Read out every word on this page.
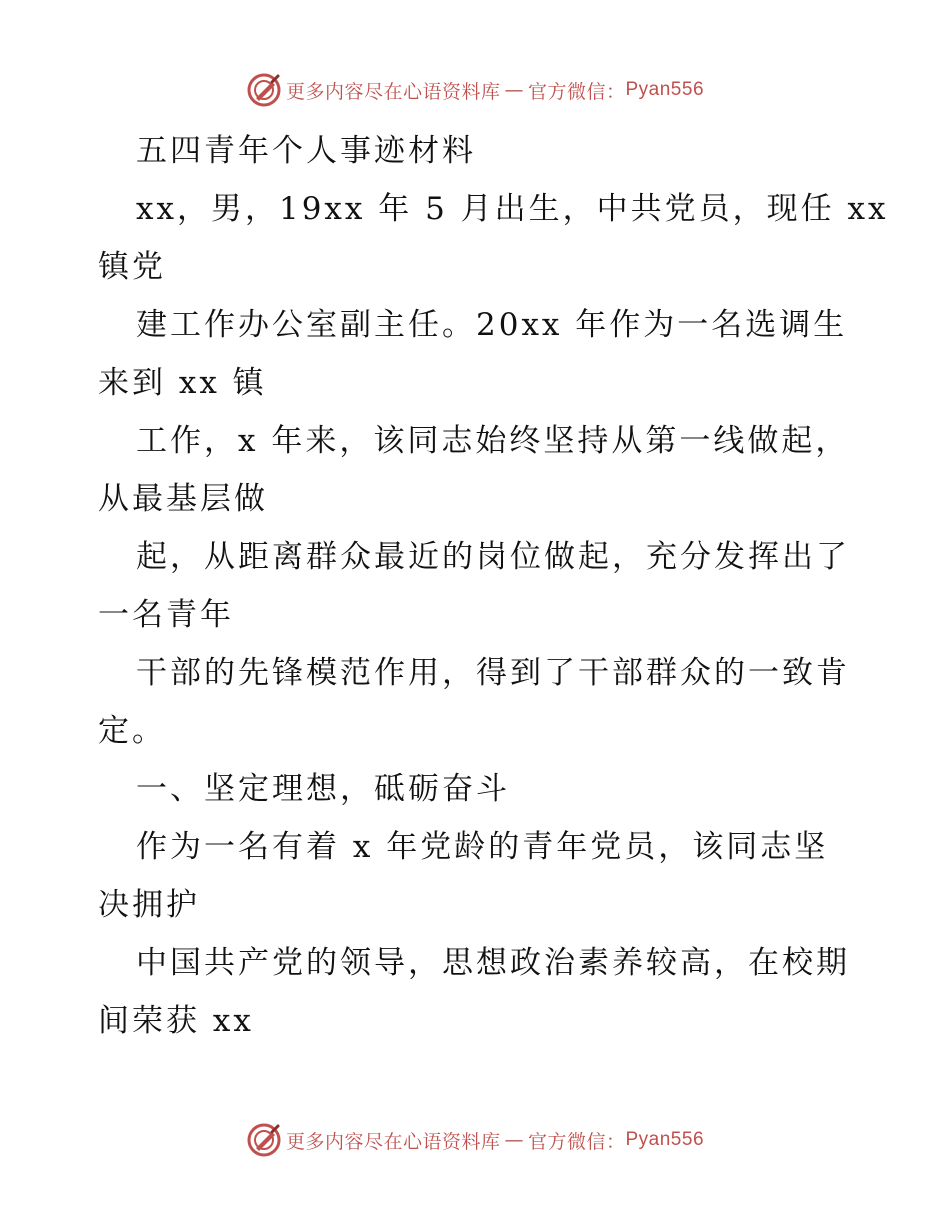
更多内容尽在心语资料库 — 官方微信： Pyan556
五四青年个人事迹材料
xx，男，19xx 年 5 月出生，中共党员，现任 xx
镇党
建工作办公室副主任。20xx 年作为一名选调生
来到 xx 镇
工作，x 年来，该同志始终坚持从第一线做起，
从最基层做
起，从距离群众最近的岗位做起，充分发挥出了
一名青年
干部的先锋模范作用，得到了干部群众的一致肯
定。
一、坚定理想，砥砺奋斗
作为一名有着 x 年党龄的青年党员，该同志坚
决拥护
中国共产党的领导，思想政治素养较高，在校期
间荣获 xx
更多内容尽在心语资料库 — 官方微信： Pyan556
